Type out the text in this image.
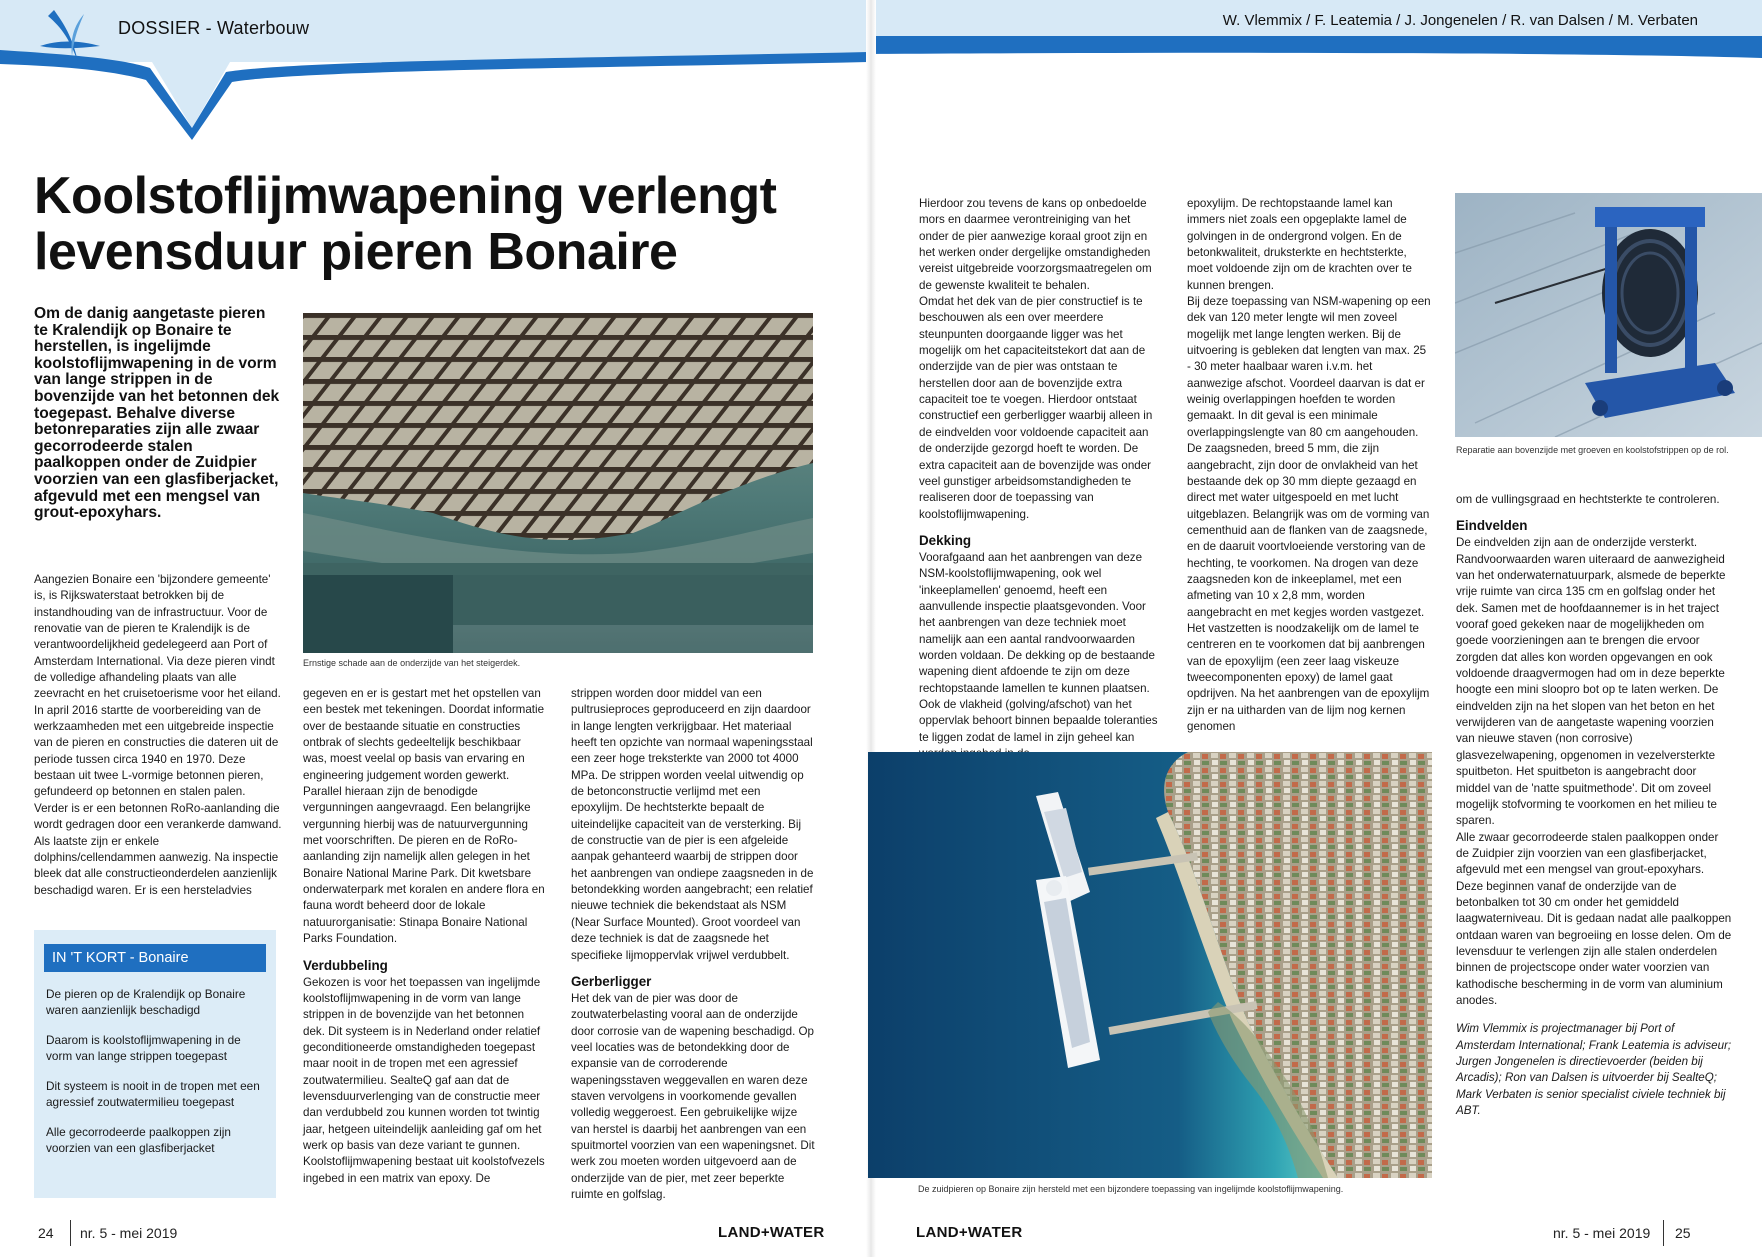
DOSSIER - Waterbouw	W. Vlemmix / F. Leatemia / J. Jongenelen / R. van Dalsen / M. Verbaten
Koolstoflijmwapening verlengt
levensduur pieren Bonaire
Om de danig aangetaste pieren te Kralendijk op Bonaire te herstellen, is ingelijmde koolstoflijmwapening in de vorm van lange strippen in de bovenzijde van het betonnen dek toegepast. Behalve diverse betonreparaties zijn alle zwaar gecorrodeerde stalen paalkoppen onder de Zuidpier voorzien van een glasfiberjacket, afgevuld met een mengsel van grout-epoxyhars.

Aangezien Bonaire een 'bijzondere gemeente' is, is Rijkswaterstaat betrokken bij de instandhouding van de infrastructuur. Voor de renovatie van de pieren te Kralendijk is de verantwoordelijkheid gedelegeerd aan Port of Amsterdam International. Via deze pieren vindt de volledige afhandeling plaats van alle zeevracht en het cruisetoerisme voor het eiland.

In april 2016 startte de voorbereiding van de werkzaamheden met een uitgebreide inspectie van de pieren en constructies die dateren uit de periode tussen circa 1940 en 1970. Deze bestaan uit twee L-vormige betonnen pieren, gefundeerd op betonnen en stalen palen. Verder is er een betonnen RoRo-aanlanding die wordt gedragen door een verankerde damwand. Als laatste zijn er enkele dolphins/cellendammen aanwezig. Na inspectie bleek dat alle constructieonderdelen aanzienlijk beschadigd waren. Er is een hersteladvies

IN 'T KORT - Bonaire
De pieren op de Kralendijk op Bonaire waren aanzienlijk beschadigd
Daarom is koolstoflijmwapening in de vorm van lange strippen toegepast
Dit systeem is nooit in de tropen met een agressief zoutwatermilieu toegepast
Alle gecorrodeerde paalkoppen zijn voorzien van een glasfiberjacket
Ernstige schade aan de onderzijde van het steigerdek.

gegeven en er is gestart met het opstellen van een bestek met tekeningen. Doordat informatie over de bestaande situatie en constructies ontbrak of slechts gedeeltelijk beschikbaar was, moest veelal op basis van ervaring en engineering judgement worden gewerkt. Parallel hieraan zijn de benodigde vergunningen aangevraagd. Een belangrijke vergunning hierbij was de natuurvergunning met voorschriften. De pieren en de RoRo-aanlanding zijn namelijk allen gelegen in het Bonaire National Marine Park. Dit kwetsbare onderwaterpark met koralen en andere flora en fauna wordt beheerd door de lokale natuurorganisatie: Stinapa Bonaire National Parks Foundation.

Verdubbeling

Gekozen is voor het toepassen van ingelijmde koolstoflijmwapening in de vorm van lange strippen in de bovenzijde van het betonnen dek. Dit systeem is in Nederland onder relatief geconditioneerde omstandigheden toegepast maar nooit in de tropen met een agressief zoutwatermilieu. SealteQ gaf aan dat de levensduurverlenging van de constructie meer dan verdubbeld zou kunnen worden tot twintig jaar, hetgeen uiteindelijk aanleiding gaf om het werk op basis van deze variant te gunnen.

Koolstoflijmwapening bestaat uit koolstofvezels ingebed in een matrix van epoxy. De

strippen worden door middel van een pultrusieproces geproduceerd en zijn daardoor in lange lengten verkrijgbaar. Het materiaal heeft ten opzichte van normaal wapeningsstaal een zeer hoge treksterkte van 2000 tot 4000 MPa. De strippen worden veelal uitwendig op de betonconstructie verlijmd met een epoxylijm. De hechtsterkte bepaalt de uiteindelijke capaciteit van de versterking. Bij de constructie van de pier is een afgeleide aanpak gehanteerd waarbij de strippen door het aanbrengen van ondiepe zaagsneden in de betondekking worden aangebracht; een relatief nieuwe techniek die bekendstaat als NSM (Near Surface Mounted). Groot voordeel van deze techniek is dat de zaagsnede het specifieke lijmoppervlak vrijwel verdubbelt.

Gerberligger

Het dek van de pier was door de zoutwaterbelasting vooral aan de onderzijde door corrosie van de wapening beschadigd. Op veel locaties was de betondekking door de expansie van de corroderende wapeningsstaven weggevallen en waren deze staven vervolgens in voorkomende gevallen volledig weggeroest. Een gebruikelijke wijze van herstel is daarbij het aanbrengen van een spuitmortel voorzien van een wapeningsnet. Dit werk zou moeten worden uitgevoerd aan de onderzijde van de pier, met zeer beperkte ruimte en golfslag.

Hierdoor zou tevens de kans op onbedoelde mors en daarmee verontreiniging van het onder de pier aanwezige koraal groot zijn en het werken onder dergelijke omstandigheden vereist uitgebreide voorzorgsmaatregelen om de gewenste kwaliteit te behalen.

Omdat het dek van de pier constructief is te beschouwen als een over meerdere steunpunten doorgaande ligger was het mogelijk om het capaciteitstekort dat aan de onderzijde van de pier was ontstaan te herstellen door aan de bovenzijde extra capaciteit toe te voegen. Hierdoor ontstaat constructief een gerberligger waarbij alleen in de eindvelden voor voldoende capaciteit aan de onderzijde gezorgd hoeft te worden. De extra capaciteit aan de bovenzijde was onder veel gunstiger arbeidsomstandigheden te realiseren door de toepassing van koolstoflijmwapening.

Dekking

Voorafgaand aan het aanbrengen van deze NSM-koolstoflijmwapening, ook wel 'inkeeplamellen' genoemd, heeft een aanvullende inspectie plaatsgevonden. Voor het aanbrengen van deze techniek moet namelijk aan een aantal randvoorwaarden worden voldaan. De dekking op de bestaande wapening dient afdoende te zijn om deze rechtopstaande lamellen te kunnen plaatsen. Ook de vlakheid (golving/afschot) van het oppervlak behoort binnen bepaalde toleranties te liggen zodat de lamel in zijn geheel kan

epoxylijm. De rechtopstaande lamel kan immers niet zoals een opgeplakte lamel de golvingen in de ondergrond volgen. En de betonkwaliteit, druksterkte en hechtsterkte, moet voldoende zijn om de krachten over te kunnen brengen.

Bij deze toepassing van NSM-wapening op een dek van 120 meter lengte wil men zoveel mogelijk met lange lengten werken. Bij de uitvoering is gebleken dat lengten van max. 25 - 30 meter haalbaar waren i.v.m. het aanwezige afschot. Voordeel daarvan is dat er weinig overlappingen hoefden te worden gemaakt. In dit geval is een minimale overlappingslengte van 80 cm aangehouden.

De zaagsneden, breed 5 mm, die zijn aangebracht, zijn door de onvlakheid van het bestaande dek op 30 mm diepte gezaagd en direct met water uitgespoeld en met lucht uitgeblazen. Belangrijk was om de vorming van cementhuid aan de flanken van de zaagsnede, en de daaruit voortvloeiende verstoring van de hechting, te voorkomen. Na drogen van deze zaagsneden kon de inkeeplamel, met een afmeting van 10 x 2,8 mm, worden aangebracht en met kegjes worden vastgezet. Het vastzetten is noodzakelijk om de lamel te centreren en te voorkomen dat bij aanbrengen van de epoxylijm (een zeer laag viskeuze tweecomponenten epoxy) de lamel gaat opdrijven. Na het aanbrengen van de epoxylijm zijn er na uitharden van de lijm nog kernen genomen

Reparatie aan bovenzijde met groeven en koolstofstrippen op de rol.
De zuidpieren op Bonaire zijn hersteld met een bijzondere toepassing van ingelijmde koolstoflijmwapening.

om de vullingsgraad en hechtsterkte te controleren.

Eindvelden

De eindvelden zijn aan de onderzijde versterkt. Randvoorwaarden waren uiteraard de aanwezigheid van het onderwaternatuurpark, alsmede de beperkte vrije ruimte van circa 135 cm en golfslag onder het dek. Samen met de hoofdaannemer is in het traject vooraf goed gekeken naar de mogelijkheden om goede voorzieningen aan te brengen die ervoor zorgden dat alles kon worden opgevangen en ook voldoende draagvermogen had om in deze beperkte hoogte een mini sloopro bot op te laten werken. De eindvelden zijn na het slopen van het beton en het verwijderen van de aangetaste wapening voorzien van nieuwe staven (non corrosive) glasvezelwapening, opgenomen in vezelversterkte spuitbeton. Het spuitbeton is aangebracht door middel van de 'natte spuitmethode'. Dit om zoveel mogelijk stofvorming te voorkomen en het milieu te sparen.

Alle zwaar gecorrodeerde stalen paalkoppen onder de Zuidpier zijn voorzien van een glasfiberjacket, afgevuld met een mengsel van grout-epoxyhars. Deze beginnen vanaf de onderzijde van de betonbalken tot 30 cm onder het gemiddeld laagwaterniveau. Dit is gedaan nadat alle paalkoppen ontdaan waren van begroeiing en losse delen. Om de levensduur te verlengen zijn alle stalen onderdelen binnen de projectscope onder water voorzien van kathodische bescherming in de vorm van aluminium anodes.

Wim Vlemmix is projectmanager bij Port of Amsterdam International; Frank Leatemia is adviseur; Jurgen Jongenelen is directievoerder (beiden bij Arcadis); Ron van Dalsen is uitvoerder bij SealteQ; Mark Verbaten is senior specialist civiele techniek bij ABT.

24 nr. 5 - mei 2019	LAND+WATER	LAND+WATER	nr. 5 - mei 2019 25
